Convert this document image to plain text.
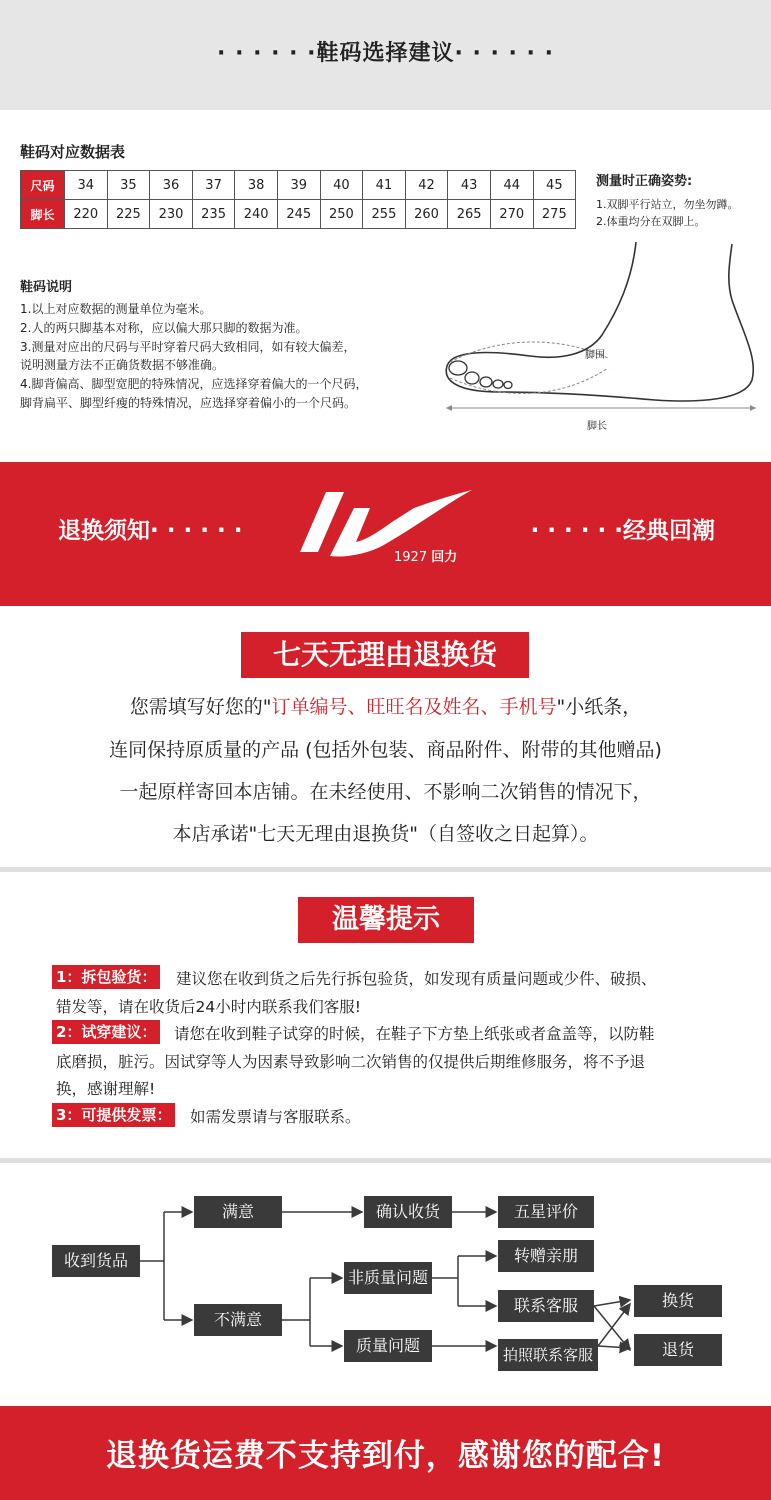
· · · · · ·鞋码选择建议· · · · · ·
鞋码对应数据表
尺码	34	35	36	37	38	39	40	41	42	43	44	45
脚长	220	225	230	235	240	245	250	255	260	265	270	275
测量时正确姿势:
1.双脚平行站立，勿坐勿蹲。
2.体重均分在双脚上。
鞋码说明
1.以上对应数据的测量单位为毫米。
2.人的两只脚基本对称，应以偏大那只脚的数据为准。
3.测量对应出的尺码与平时穿着尺码大致相同，如有较大偏差，
说明测量方法不正确货数据不够准确。
4.脚背偏高、脚型宽肥的特殊情况，应选择穿着偏大的一个尺码，
脚背扁平、脚型纤瘦的特殊情况，应选择穿着偏小的一个尺码。
脚围
脚长
退换须知· · · · · ·	· · · · · ·经典回潮
1927 回力
七天无理由退换货
您需填写好您的"订单编号、旺旺名及姓名、手机号"小纸条，
连同保持原质量的产品 (包括外包装、商品附件、附带的其他赠品)
一起原样寄回本店铺。在未经使用、不影响二次销售的情况下，
本店承诺"七天无理由退换货"（自签收之日起算）。
温馨提示
1：拆包验货： 建议您在收到货之后先行拆包验货，如发现有质量问题或少件、破损、
错发等，请在收货后24小时内联系我们客服!
2：试穿建议： 请您在收到鞋子试穿的时候，在鞋子下方垫上纸张或者盒盖等，以防鞋
底磨损，脏污。因试穿等人为因素导致影响二次销售的仅提供后期维修服务，将不予退
换，感谢理解!
3：可提供发票： 如需发票请与客服联系。
收到货品
满意	确认收货	五星评价
不满意
非质量问题
质量问题
转赠亲朋
联系客服
拍照联系客服
换货
退货
退换货运费不支持到付，感谢您的配合!
